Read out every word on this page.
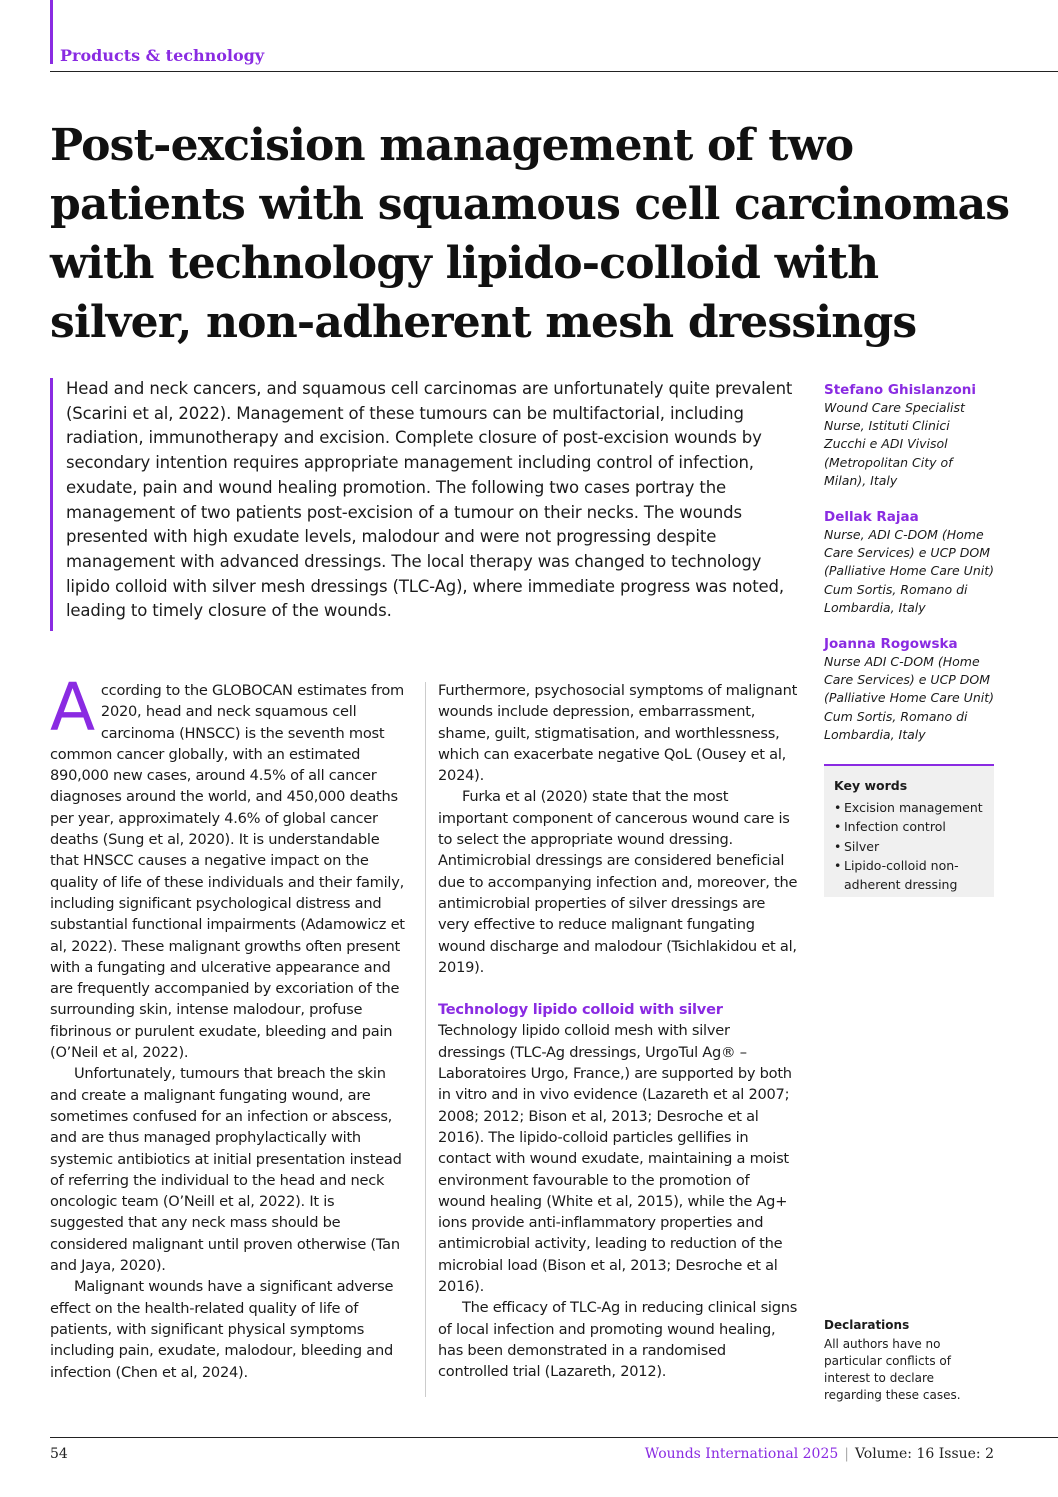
Products & technology
Post-excision management of two patients with squamous cell carcinomas with technology lipido-colloid with silver, non-adherent mesh dressings

Head and neck cancers, and squamous cell carcinomas are unfortunately quite prevalent (Scarini et al, 2022). Management of these tumours can be multifactorial, including radiation, immunotherapy and excision. Complete closure of post-excision wounds by secondary intention requires appropriate management including control of infection, exudate, pain and wound healing promotion. The following two cases portray the management of two patients post-excision of a tumour on their necks. The wounds presented with high exudate levels, malodour and were not progressing despite management with advanced dressings. The local therapy was changed to technology lipido colloid with silver mesh dressings (TLC-Ag), where immediate progress was noted, leading to timely closure of the wounds.

Stefano Ghislanzoni

Wound Care Specialist Nurse, Istituti Clinici Zucchi e ADI Vivisol (Metropolitan City of Milan), Italy

Dellak Rajaa

Nurse, ADI C-DOM (Home Care Services) e UCP DOM (Palliative Home Care Unit) Cum Sortis, Romano di Lombardia, Italy

Joanna Rogowska

Nurse ADI C-DOM (Home Care Services) e UCP DOM (Palliative Home Care Unit) Cum Sortis, Romano di Lombardia, Italy

Key words
• Excision management
• Infection control
• Silver
• Lipido-colloid non-adherent dressing

According to the GLOBOCAN estimates from 2020, head and neck squamous cell carcinoma (HNSCC) is the seventh most common cancer globally, with an estimated 890,000 new cases, around 4.5% of all cancer diagnoses around the world, and 450,000 deaths per year, approximately 4.6% of global cancer deaths (Sung et al, 2020). It is understandable that HNSCC causes a negative impact on the quality of life of these individuals and their family, including significant psychological distress and substantial functional impairments (Adamowicz et al, 2022). These malignant growths often present with a fungating and ulcerative appearance and are frequently accompanied by excoriation of the surrounding skin, intense malodour, profuse fibrinous or purulent exudate, bleeding and pain (O’Neil et al, 2022).

Unfortunately, tumours that breach the skin and create a malignant fungating wound, are sometimes confused for an infection or abscess, and are thus managed prophylactically with systemic antibiotics at initial presentation instead of referring the individual to the head and neck oncologic team (O’Neill et al, 2022). It is suggested that any neck mass should be considered malignant until proven otherwise (Tan and Jaya, 2020).

Malignant wounds have a significant adverse effect on the health-related quality of life of patients, with significant physical symptoms including pain, exudate, malodour, bleeding and infection (Chen et al, 2024).

Furthermore, psychosocial symptoms of malignant wounds include depression, embarrassment, shame, guilt, stigmatisation, and worthlessness, which can exacerbate negative QoL (Ousey et al, 2024).

Furka et al (2020) state that the most important component of cancerous wound care is to select the appropriate wound dressing. Antimicrobial dressings are considered beneficial due to accompanying infection and, moreover, the antimicrobial properties of silver dressings are very effective to reduce malignant fungating wound discharge and malodour (Tsichlakidou et al, 2019).

Technology lipido colloid with silver

Technology lipido colloid mesh with silver dressings (TLC-Ag dressings, UrgoTul Ag® – Laboratoires Urgo, France,) are supported by both in vitro and in vivo evidence (Lazareth et al 2007; 2008; 2012; Bison et al, 2013; Desroche et al 2016). The lipido-colloid particles gellifies in contact with wound exudate, maintaining a moist environment favourable to the promotion of wound healing (White et al, 2015), while the Ag+ ions provide anti-inflammatory properties and antimicrobial activity, leading to reduction of the microbial load (Bison et al, 2013; Desroche et al 2016).

The efficacy of TLC-Ag in reducing clinical signs of local infection and promoting wound healing, has been demonstrated in a randomised controlled trial (Lazareth, 2012).

Declarations

All authors have no particular conflicts of interest to declare regarding these cases.

54	Wounds International 2025 | Volume: 16 Issue: 2
